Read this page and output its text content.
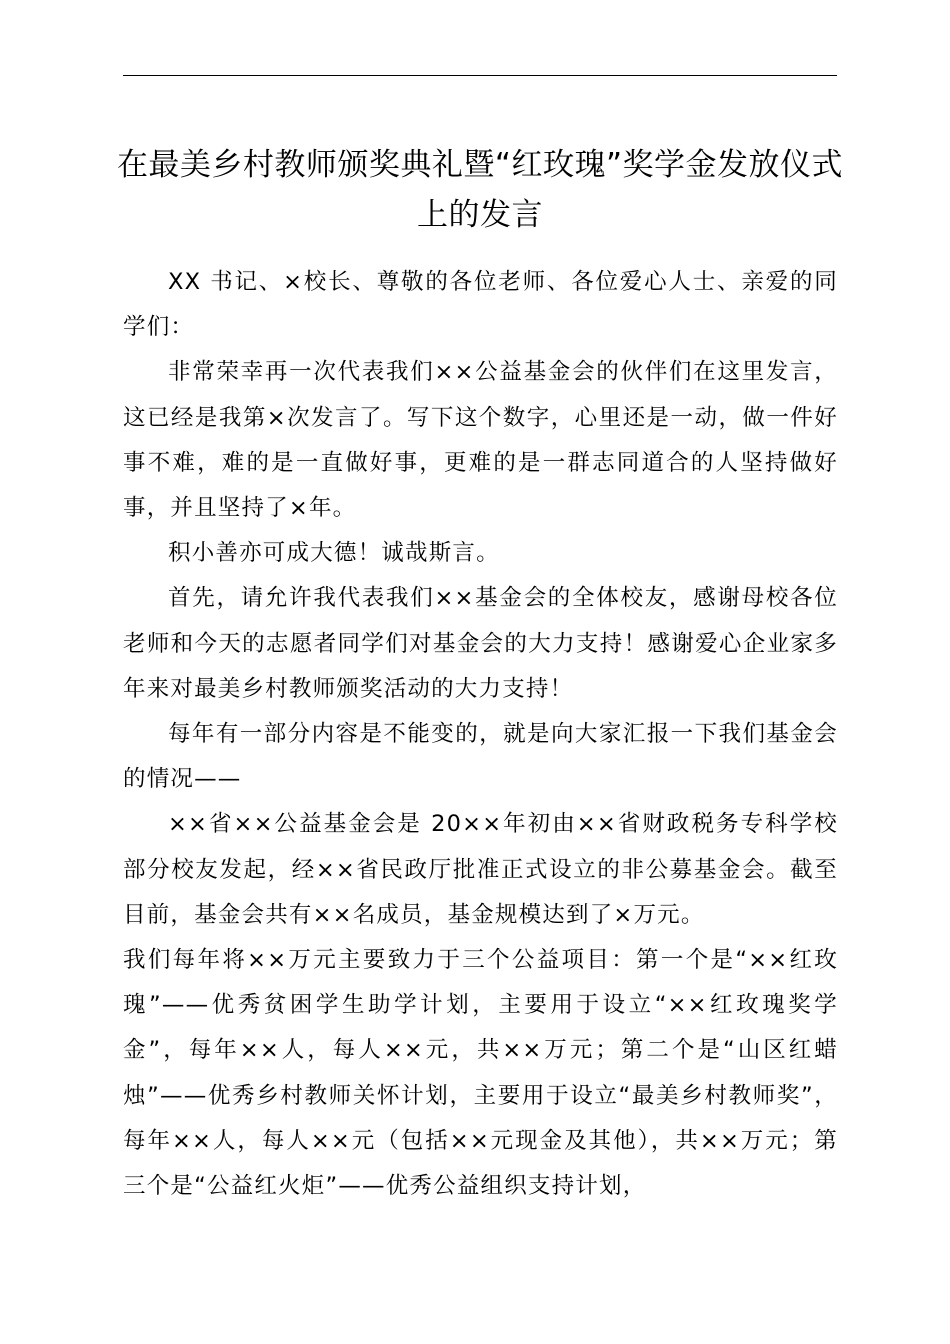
在最美乡村教师颁奖典礼暨“红玫瑰”奖学金发放仪式上的发言

XX 书记、×校长、尊敬的各位老师、各位爱心人士、亲爱的同学们：

非常荣幸再一次代表我们××公益基金会的伙伴们在这里发言，这已经是我第×次发言了。写下这个数字，心里还是一动，做一件好事不难，难的是一直做好事，更难的是一群志同道合的人坚持做好事，并且坚持了×年。

积小善亦可成大德！诚哉斯言。

首先，请允许我代表我们××基金会的全体校友，感谢母校各位老师和今天的志愿者同学们对基金会的大力支持！感谢爱心企业家多年来对最美乡村教师颁奖活动的大力支持！

每年有一部分内容是不能变的，就是向大家汇报一下我们基金会的情况——

××省××公益基金会是 20××年初由××省财政税务专科学校部分校友发起，经××省民政厅批准正式设立的非公募基金会。截至目前，基金会共有××名成员，基金规模达到了×万元。

我们每年将××万元主要致力于三个公益项目：第一个是“××红玫瑰”——优秀贫困学生助学计划，主要用于设立“××红玫瑰奖学金”，每年××人，每人××元，共××万元；第二个是“山区红蜡烛”——优秀乡村教师关怀计划，主要用于设立“最美乡村教师奖”，每年××人，每人××元（包括××元现金及其他），共××万元；第三个是“公益红火炬”——优秀公益组织支持计划，
